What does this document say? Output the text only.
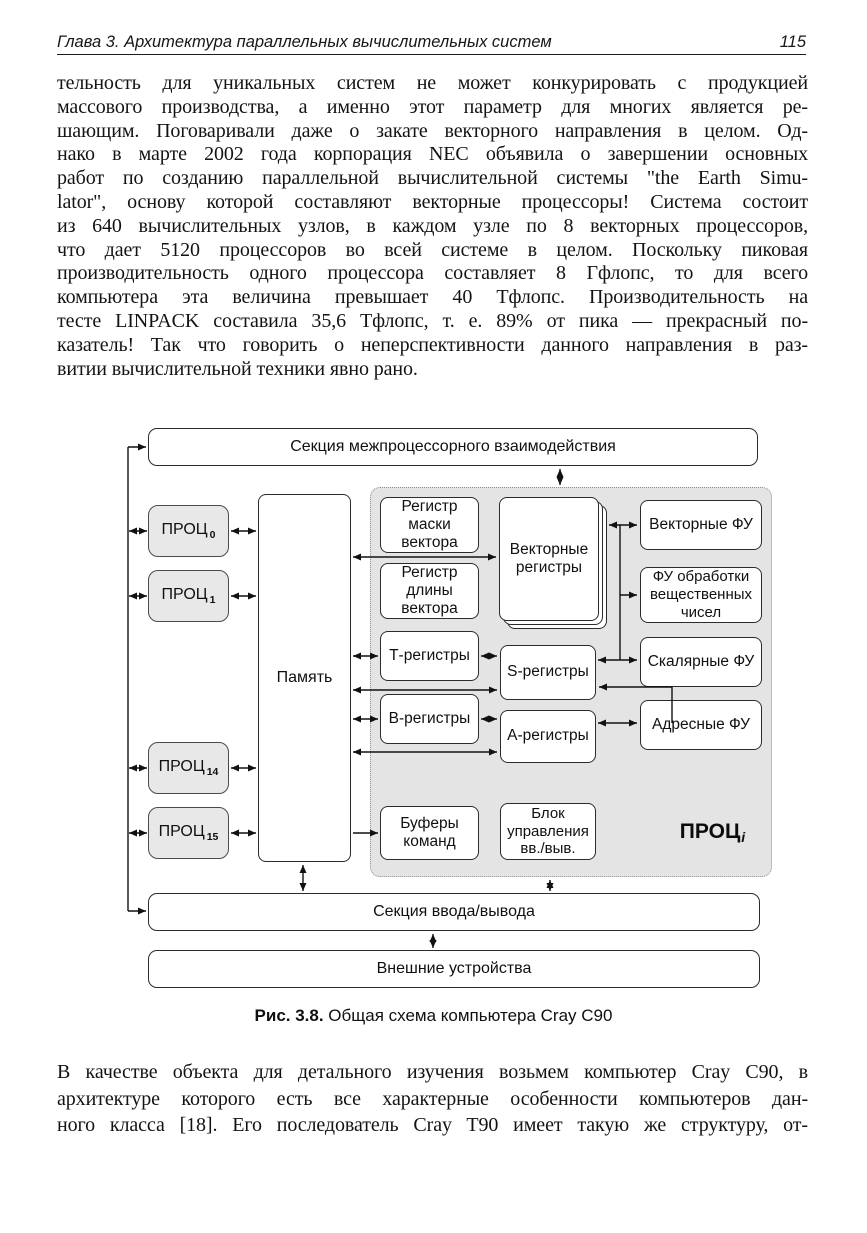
Глава 3. Архитектура параллельных вычислительных систем	115
тельность для уникальных систем не может конкурировать с продукцией
массового производства, а именно этот параметр для многих является ре-
шающим. Поговаривали даже о закате векторного направления в целом. Од-
нако в марте 2002 года корпорация NEC объявила о завершении основных
работ по созданию параллельной вычислительной системы "the Earth Simu-
lator", основу которой составляют векторные процессоры! Система состоит
из 640 вычислительных узлов, в каждом узле по 8 векторных процессоров,
что дает 5120 процессоров во всей системе в целом. Поскольку пиковая
производительность одного процессора составляет 8 Гфлопс, то для всего
компьютера эта величина превышает 40 Тфлопс. Производительность на
тесте LINPACK составила 35,6 Тфлопс, т. е. 89% от пика — прекрасный по-
казатель! Так что говорить о неперспективности данного направления в раз-
витии вычислительной техники явно рано.
Секция межпроцессорного взаимодействия
ПРОЦ $_0$
ПРОЦ $_1$
ПРОЦ $_{14}$
ПРОЦ $_{15}$
Память
Векторные регистры
Регистр маски вектора
Регистр длины вектора
Т-регистры
B-регистры
Буферы команд
S-регистры
А-регистры
Блок управления вв./выв.
Векторные ФУ
ФУ обработки вещественных чисел
Скалярные ФУ
Адресные ФУ
ПРОЦi
Секция ввода/вывода
Внешние устройства
Рис. 3.8. Общая схема компьютера Cray C90
В качестве объекта для детального изучения возьмем компьютер Cray C90, в
архитектуре которого есть все характерные особенности компьютеров дан-
ного класса [18]. Его последователь Cray T90 имеет такую же структуру, от-
